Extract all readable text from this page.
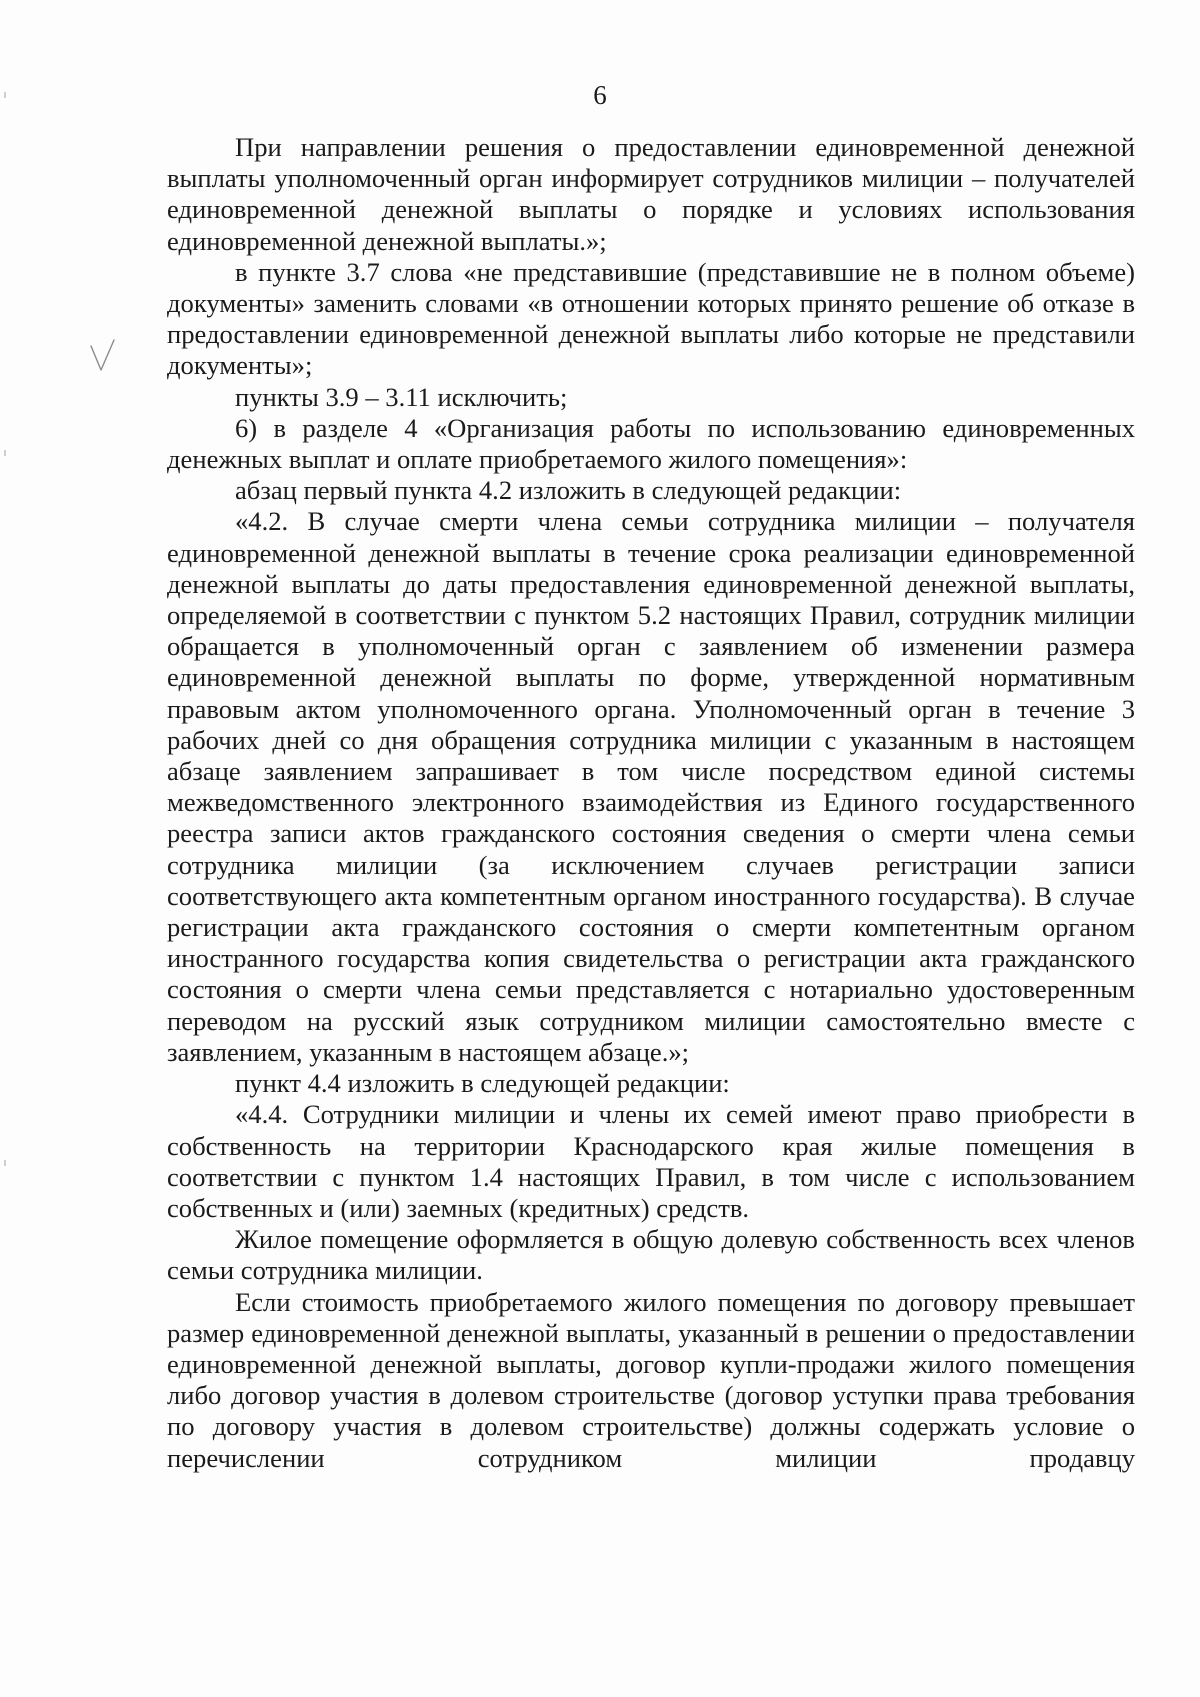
6

При направлении решения о предоставлении единовременной денежной выплаты уполномоченный орган информирует сотрудников милиции – получателей единовременной денежной выплаты о порядке и условиях использования единовременной денежной выплаты.»;

в пункте 3.7 слова «не представившие (представившие не в полном объеме) документы» заменить словами «в отношении которых принято решение об отказе в предоставлении единовременной денежной выплаты либо которые не представили документы»;

пункты 3.9 – 3.11 исключить;

6) в разделе 4 «Организация работы по использованию единовременных денежных выплат и оплате приобретаемого жилого помещения»:

абзац первый пункта 4.2 изложить в следующей редакции:

«4.2. В случае смерти члена семьи сотрудника милиции – получателя единовременной денежной выплаты в течение срока реализации единовременной денежной выплаты до даты предоставления единовременной денежной выплаты, определяемой в соответствии с пунктом 5.2 настоящих Правил, сотрудник милиции обращается в уполномоченный орган с заявлением об изменении размера единовременной денежной выплаты по форме, утвержденной нормативным правовым актом уполномоченного органа. Уполномоченный орган в течение 3 рабочих дней со дня обращения сотрудника милиции с указанным в настоящем абзаце заявлением запрашивает в том числе посредством единой системы межведомственного электронного взаимодействия из Единого государственного реестра записи актов гражданского состояния сведения о смерти члена семьи сотрудника милиции (за исключением случаев регистрации записи соответствующего акта компетентным органом иностранного государства). В случае регистрации акта гражданского состояния о смерти компетентным органом иностранного государства копия свидетельства о регистрации акта гражданского состояния о смерти члена семьи представляется с нотариально удостоверенным переводом на русский язык сотрудником милиции самостоятельно вместе с заявлением, указанным в настоящем абзаце.»;

пункт 4.4 изложить в следующей редакции:

«4.4. Сотрудники милиции и члены их семей имеют право приобрести в собственность на территории Краснодарского края жилые помещения в соответствии с пунктом 1.4 настоящих Правил, в том числе с использованием собственных и (или) заемных (кредитных) средств.

Жилое помещение оформляется в общую долевую собственность всех членов семьи сотрудника милиции.

Если стоимость приобретаемого жилого помещения по договору превышает размер единовременной денежной выплаты, указанный в решении о предоставлении единовременной денежной выплаты, договор купли-продажи жилого помещения либо договор участия в долевом строительстве (договор уступки права требования по договору участия в долевом строительстве) должны содержать условие о перечислении сотрудником милиции продавцу
